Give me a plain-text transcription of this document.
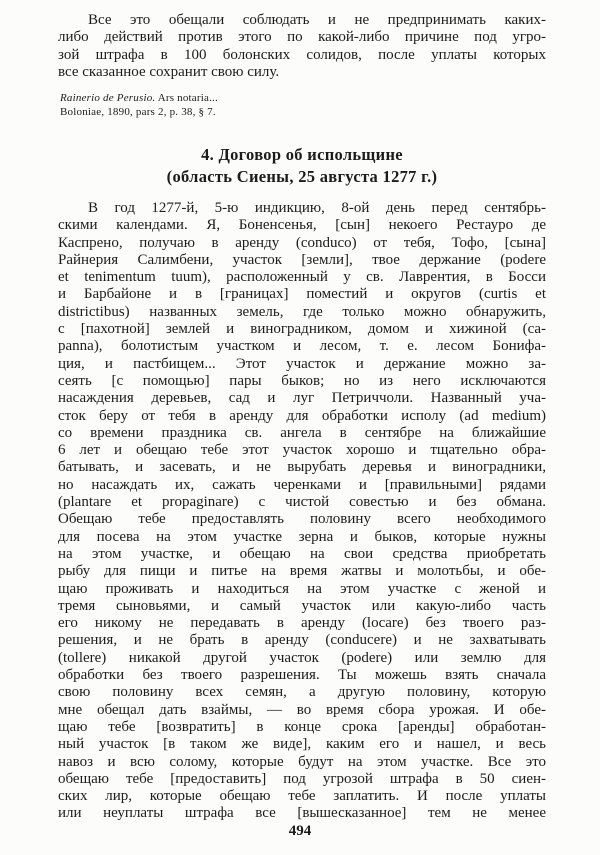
Все это обещали соблюдать и не предпринимать каких-
либо действий против этого по какой-либо причине под угро-
зой штрафа в 100 болонских солидов, после уплаты которых
все сказанное сохранит свою силу.
Rainerio de Perusio. Ars notaria...
Boloniae, 1890, pars 2, p. 38, § 7.
4. Договор об испольщине
(область Сиены, 25 августа 1277 г.)
В год 1277-й, 5-ю индикцию, 8-ой день перед сентябрь-
скими календами. Я, Боненсенья, [сын] некоего Рестауро де
Каспрено, получаю в аренду (conduco) от тебя, Тофо, [сына]
Райнерия Салимбени, участок [земли], твое держание (podere
et tenimentum tuum), расположенный у св. Лаврентия, в Босси
и Барбайоне и в [границах] поместий и округов (curtis et
districtibus) названных земель, где только можно обнаружить,
с [пахотной] землей и виноградником, домом и хижиной (ca-
panna), болотистым участком и лесом, т. е. лесом Бонифа-
ция, и пастбищем... Этот участок и держание можно за-
сеять [с помощью] пары быков; но из него исключаются
насаждения деревьев, сад и луг Петриччоли. Названный уча-
сток беру от тебя в аренду для обработки исполу (ad medium)
со времени праздника св. ангела в сентябре на ближайшие
6 лет и обещаю тебе этот участок хорошо и тщательно обра-
батывать, и засевать, и не вырубать деревья и виноградники,
но насаждать их, сажать черенками и [правильными] рядами
(plantare et propaginare) с чистой совестью и без обмана.
Обещаю тебе предоставлять половину всего необходимого
для посева на этом участке зерна и быков, которые нужны
на этом участке, и обещаю на свои средства приобретать
рыбу для пищи и питье на время жатвы и молотьбы, и обе-
щаю проживать и находиться на этом участке с женой и
тремя сыновьями, и самый участок или какую-либо часть
его никому не передавать в аренду (locare) без твоего раз-
решения, и не брать в аренду (conducere) и не захватывать
(tollere) никакой другой участок (podere) или землю для
обработки без твоего разрешения. Ты можешь взять сначала
свою половину всех семян, а другую половину, которую
мне обещал дать взаймы, — во время сбора урожая. И обе-
щаю тебе [возвратить] в конце срока [аренды] обработан-
ный участок [в таком же виде], каким его и нашел, и весь
навоз и всю солому, которые будут на этом участке. Все это
обещаю тебе [предоставить] под угрозой штрафа в 50 сиен-
ских лир, которые обещаю тебе заплатить. И после уплаты
или неуплаты штрафа все [вышесказанное] тем не менее
494
